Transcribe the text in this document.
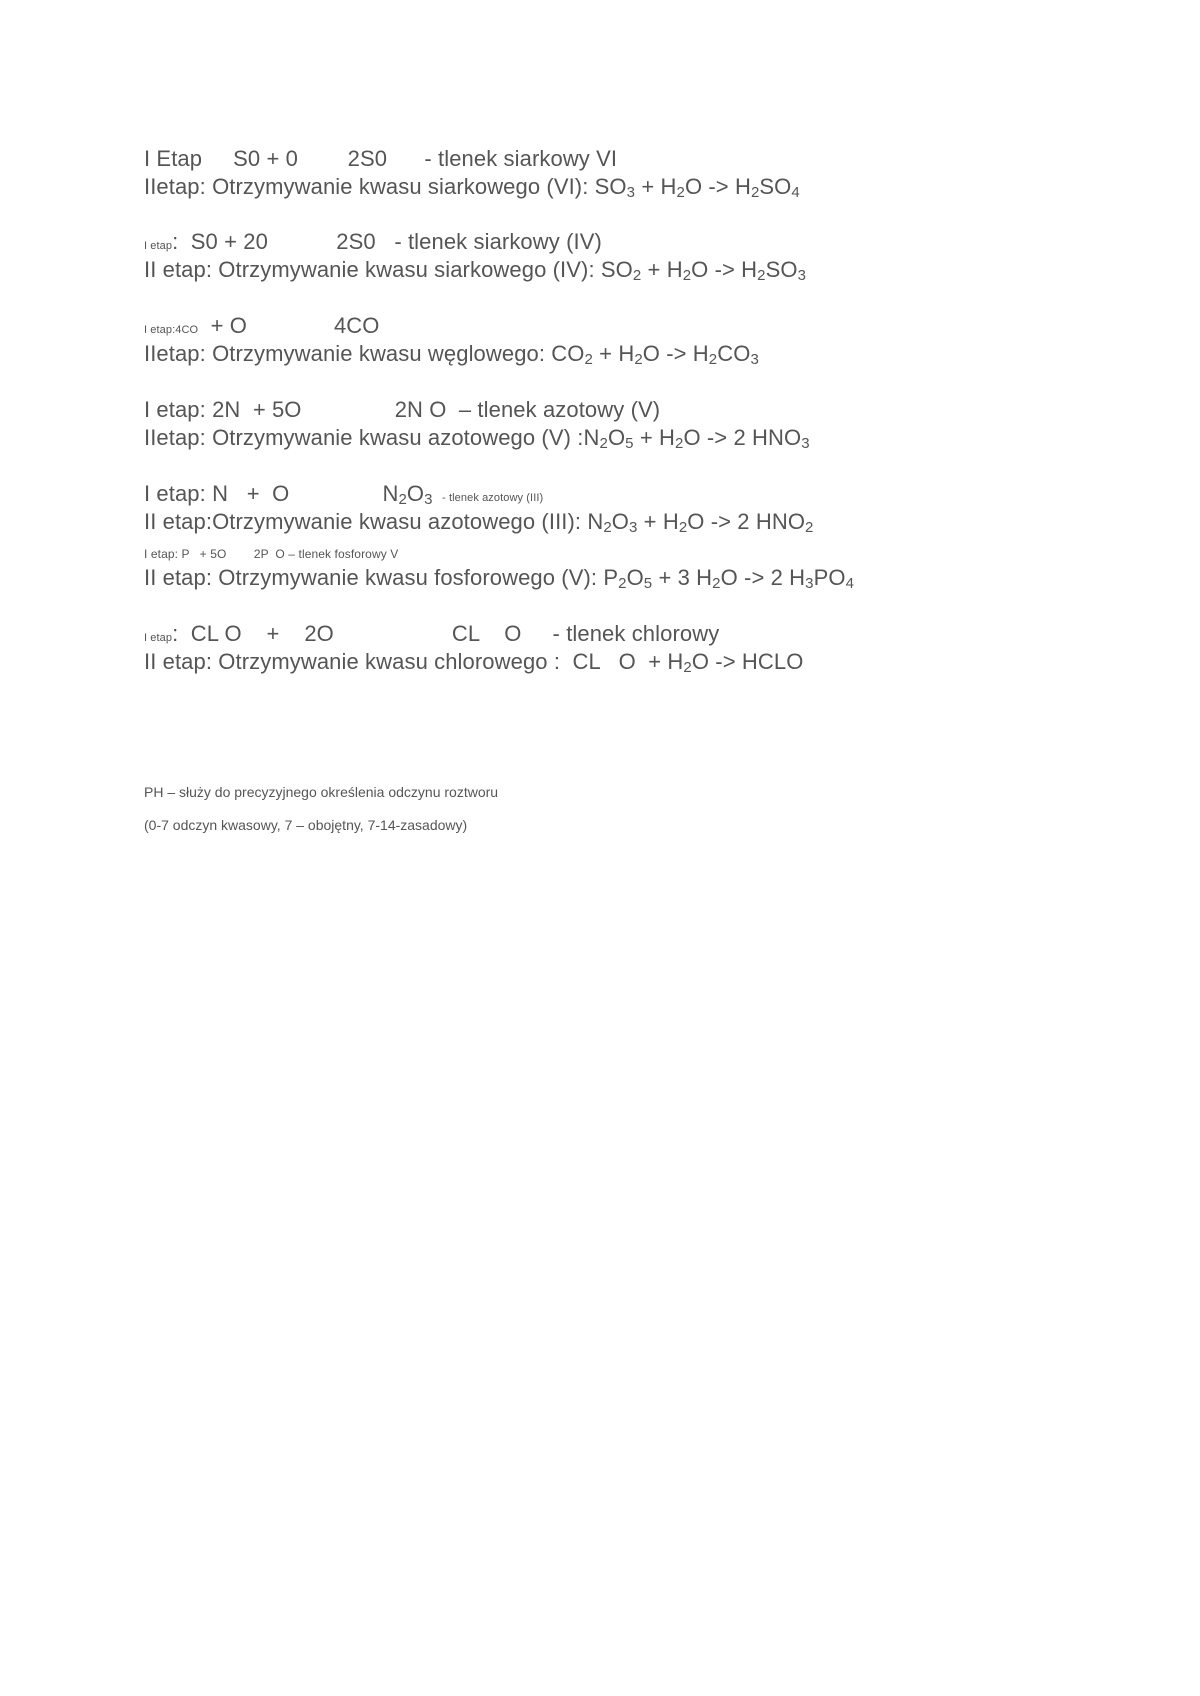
I Etap     S0 + 0        2S0      - tlenek siarkowy VI
IIetap: Otrzymywanie kwasu siarkowego (VI): $SO_3 + H_2O -> H_2SO_4$
I etap:  S0 + 20           2S0   - tlenek siarkowy (IV)
II etap: Otrzymywanie kwasu siarkowego (IV): $SO_2 + H_2O -> H_2SO_3$
I etap:4CO  + O              4CO
IIetap: Otrzymywanie kwasu węglowego: $CO_2 + H_2O -> H_2CO_3$
I etap: 2N  + 5O               2N O  – tlenek azotowy (V)
IIetap: Otrzymywanie kwasu azotowego (V) $:N_2O_5 + H_2O -> 2$ $HNO_3$
I etap: N   +  O               $N_2O_3$   - tlenek azotowy (III)
II etap:Otrzymywanie kwasu azotowego (III): $N_2O_3 + H_2O -> 2$ $HNO_2$
I etap: P   + 5O        2P  O – tlenek fosforowy V
II etap: Otrzymywanie kwasu fosforowego (V): $P_2O_5 + 3$ $H_2O -> 2$ $H_3PO_4$
I etap:  CL O    +    2O                   CL    O     - tlenek chlorowy
II etap: Otrzymywanie kwasu chlorowego :  CL   $O + H_2O$ -> HCLO
PH – służy do precyzyjnego określenia odczynu roztworu
(0-7 odczyn kwasowy, 7 – obojętny, 7-14-zasadowy)
